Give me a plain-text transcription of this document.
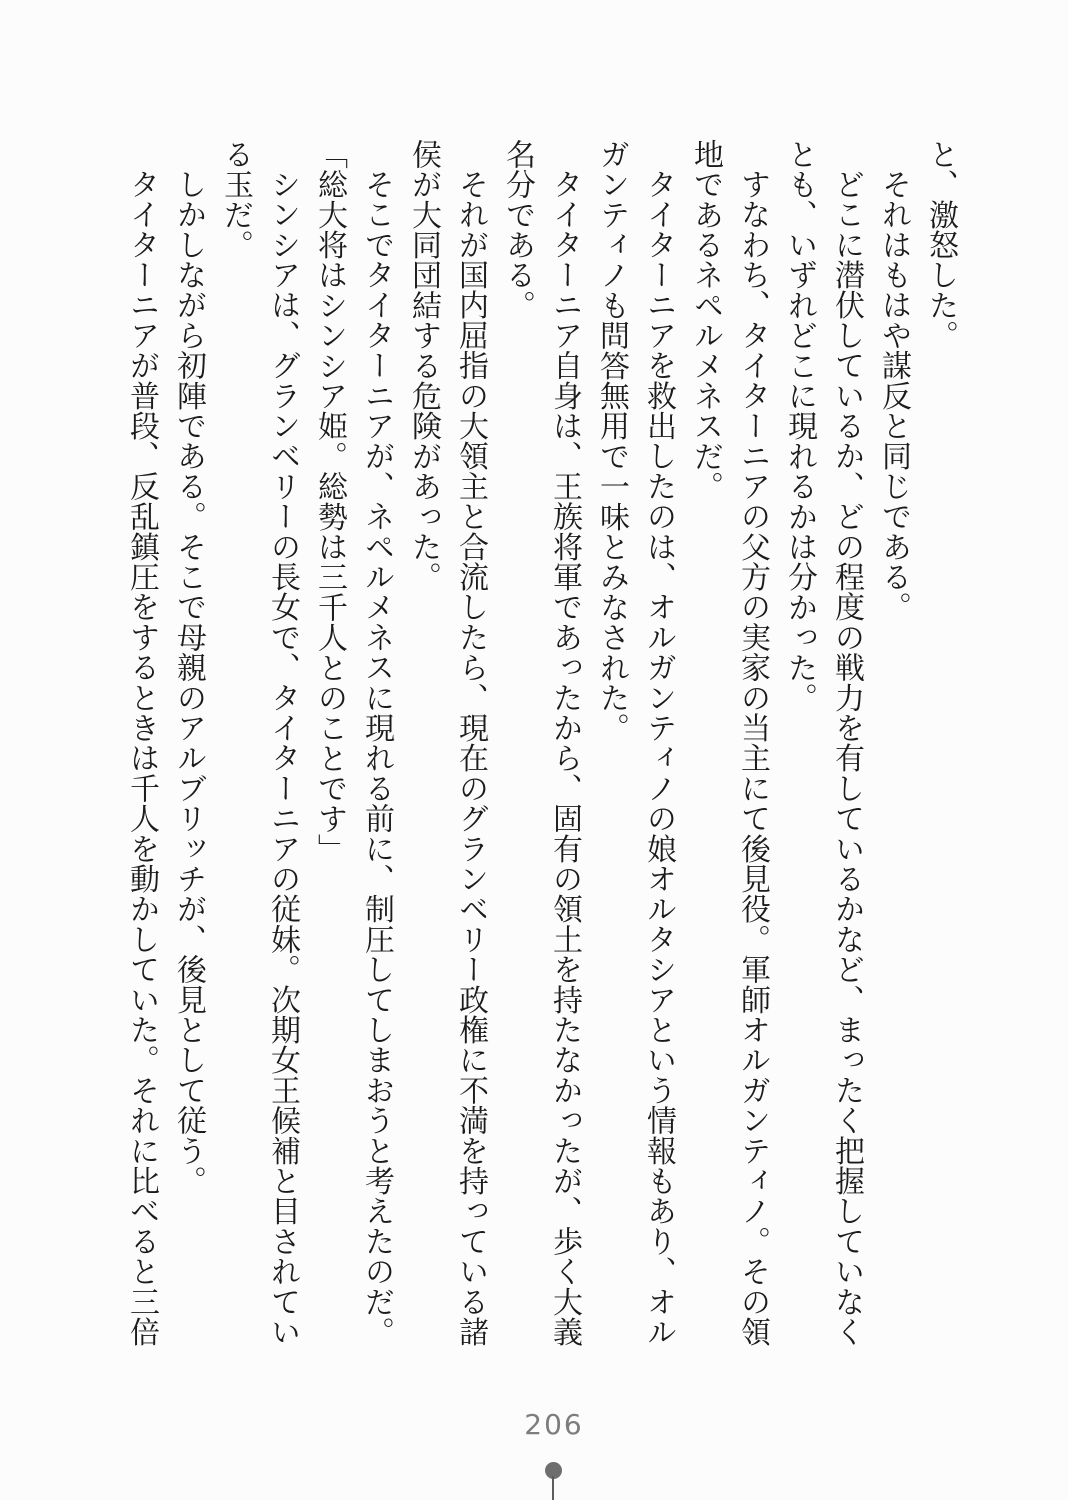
と、激怒した。

それはもはや謀反と同じである。

どこに潜伏しているか、どの程度の戦力を有しているかなど、まったく把握していなくとも、いずれどこに現れるかは分かった。

すなわち、タイターニアの父方の実家の当主にて後見役。軍師オルガンティノ。その領地であるネペルメネスだ。

タイターニアを救出したのは、オルガンティノの娘オルタシアという情報もあり、オルガンティノも問答無用で一味とみなされた。

タイターニア自身は、王族将軍であったから、固有の領土を持たなかったが、歩く大義名分である。

それが国内屈指の大領主と合流したら、現在のグランベリー政権に不満を持っている諸侯が大同団結する危険があった。

そこでタイターニアが、ネペルメネスに現れる前に、制圧してしまおうと考えたのだ。

「総大将はシンシア姫。総勢は三千人とのことです」

シンシアは、グランベリーの長女で、タイターニアの従妹。次期女王候補と目されている玉だ。

しかしながら初陣である。そこで母親のアルブリッチが、後見として従う。

タイターニアが普段、反乱鎮圧をするときは千人を動かしていた。それに比べると三倍

206
